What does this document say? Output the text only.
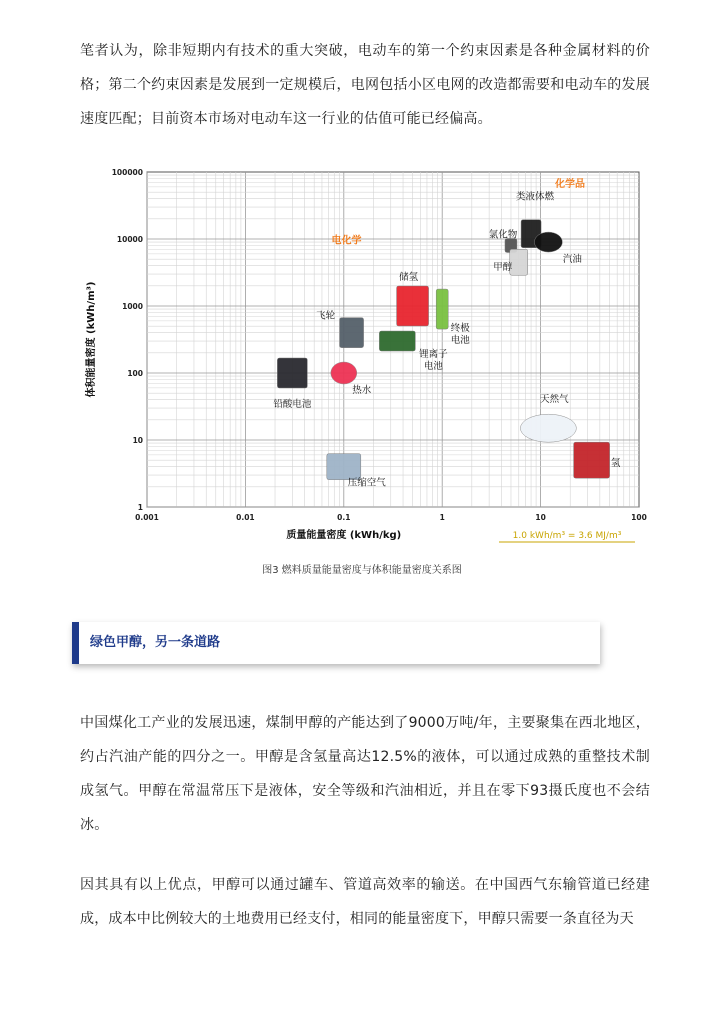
笔者认为，除非短期内有技术的重大突破，电动车的第一个约束因素是各种金属材料的价格；第二个约束因素是发展到一定规模后，电网包括小区电网的改造都需要和电动车的发展速度匹配；目前资本市场对电动车这一行业的估值可能已经偏高。

0.001	0.01	0.1	1	10	100
1
10
100
1000
10000
100000
质量能量密度 (kWh/kg)
体积能量密度 (kWh/m³)
电化学
化学品
1.0 kWh/m³ = 3.6 MJ/m³
铅酸电池
压缩空气
飞轮
热水
储氢
锂离子电池
终极电池
氯化物
甲醇
类液体燃
汽油
天然气
氢
图3 燃料质量能量密度与体积能量密度关系图
绿色甲醇，另一条道路

中国煤化工产业的发展迅速，煤制甲醇的产能达到了9000万吨/年，主要聚集在西北地区，约占汽油产能的四分之一。甲醇是含氢量高达12.5%的液体，可以通过成熟的重整技术制成氢气。甲醇在常温常压下是液体，安全等级和汽油相近，并且在零下93摄氏度也不会结冰。

因其具有以上优点，甲醇可以通过罐车、管道高效率的输送。在中国西气东输管道已经建成，成本中比例较大的土地费用已经支付，相同的能量密度下，甲醇只需要一条直径为天
